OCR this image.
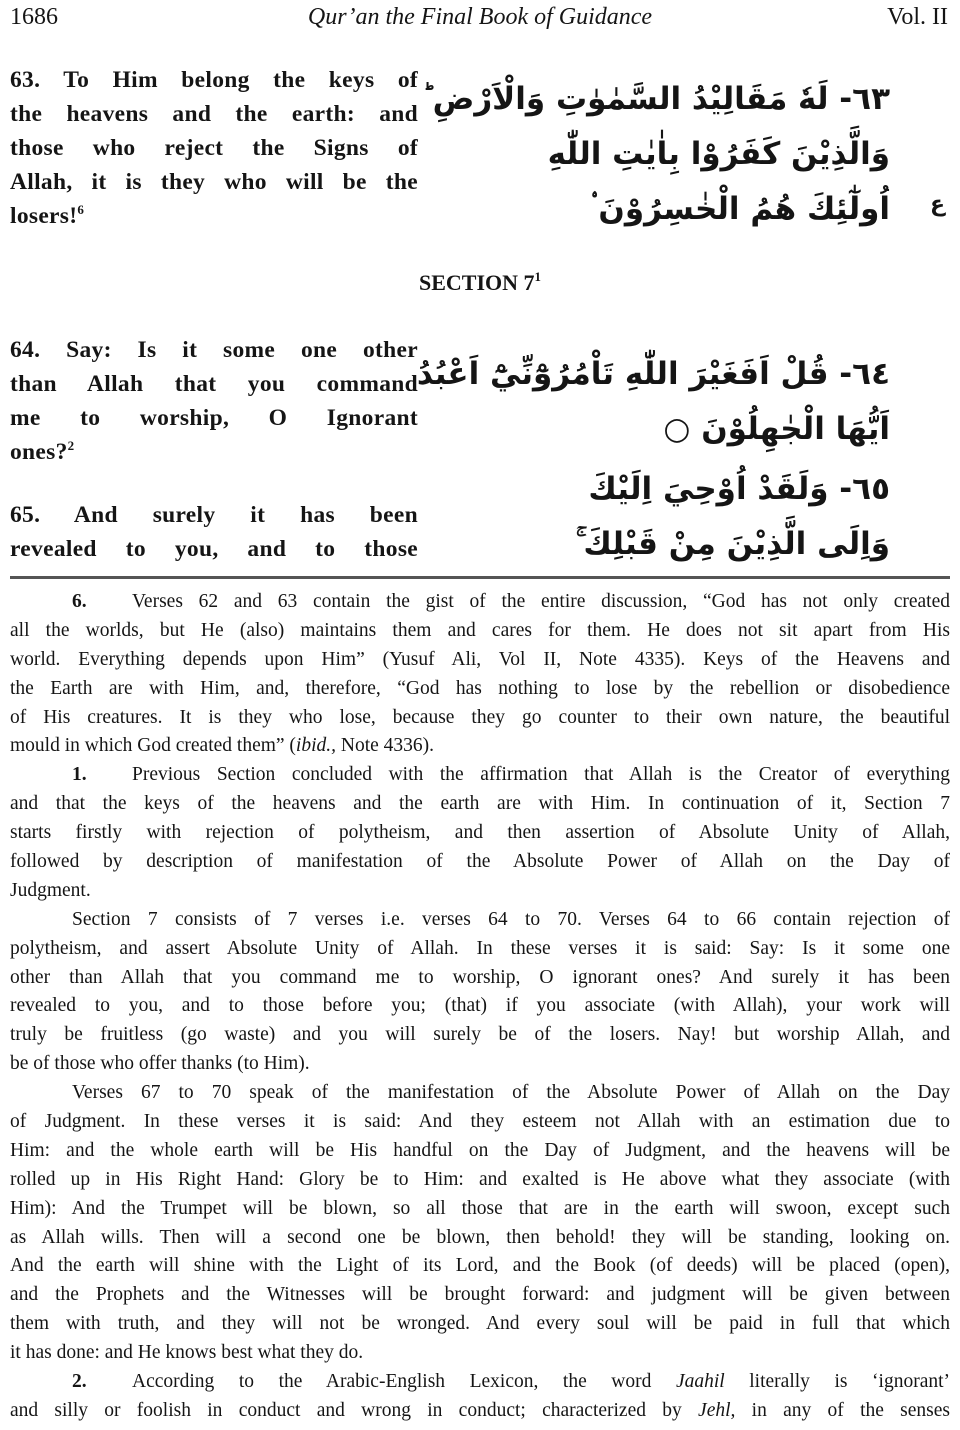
1686	Qur’an the Final Book of Guidance	Vol. II
63. To Him belong the keys of
the heavens and the earth: and
those who reject the Signs of
Allah, it is they who will be the
losers!$^6$
٦٣- لَهٗ مَقَالِيْدُ السَّمٰوٰتِ وَالْاَرْضِ ؕ
وَالَّذِيْنَ كَفَرُوْا بِاٰيٰتِ اللّٰهِ
اُولٰٓئِكَ هُمُ الْخٰسِرُوْنَ ۟ ع
SECTION $7^1$
64. Say: Is it some one other
than Allah that you command
me to worship, O Ignorant
ones?$^2$
٦٤- قُلْ اَفَغَيْرَ اللّٰهِ تَاْمُرُوْٓنِّيْٓ اَعْبُدُ
اَيُّهَا الْجٰهِلُوْنَ ○
65. And surely it has been
revealed to you, and to those
٦٥- وَلَقَدْ اُوْحِيَ اِلَيْكَ
وَاِلَى الَّذِيْنَ مِنْ قَبْلِكَ ۚ
6. Verses 62 and 63 contain the gist of the entire discussion, “God has not only created
all the worlds, but He (also) maintains them and cares for them. He does not sit apart from His
world. Everything depends upon Him” (Yusuf Ali, Vol II, Note 4335). Keys of the Heavens and
the Earth are with Him, and, therefore, “God has nothing to lose by the rebellion or disobedience
of His creatures. It is they who lose, because they go counter to their own nature, the beautiful
mould in which God created them” (ibid., Note 4336).
1. Previous Section concluded with the affirmation that Allah is the Creator of everything
and that the keys of the heavens and the earth are with Him. In continuation of it, Section 7
starts firstly with rejection of polytheism, and then assertion of Absolute Unity of Allah,
followed by description of manifestation of the Absolute Power of Allah on the Day of
Judgment.
Section 7 consists of 7 verses i.e. verses 64 to 70. Verses 64 to 66 contain rejection of
polytheism, and assert Absolute Unity of Allah. In these verses it is said: Say: Is it some one
other than Allah that you command me to worship, O ignorant ones? And surely it has been
revealed to you, and to those before you; (that) if you associate (with Allah), your work will
truly be fruitless (go waste) and you will surely be of the losers. Nay! but worship Allah, and
be of those who offer thanks (to Him).
Verses 67 to 70 speak of the manifestation of the Absolute Power of Allah on the Day
of Judgment. In these verses it is said: And they esteem not Allah with an estimation due to
Him: and the whole earth will be His handful on the Day of Judgment, and the heavens will be
rolled up in His Right Hand: Glory be to Him: and exalted is He above what they associate (with
Him): And the Trumpet will be blown, so all those that are in the earth will swoon, except such
as Allah wills. Then will a second one be blown, then behold! they will be standing, looking on.
And the earth will shine with the Light of its Lord, and the Book (of deeds) will be placed (open),
and the Prophets and the Witnesses will be brought forward: and judgment will be given between
them with truth, and they will not be wronged. And every soul will be paid in full that which
it has done: and He knows best what they do.
2. According to the Arabic-English Lexicon, the word Jaahil literally is ‘ignorant’
and silly or foolish in conduct and wrong in conduct; characterized by Jehl, in any of the senses
